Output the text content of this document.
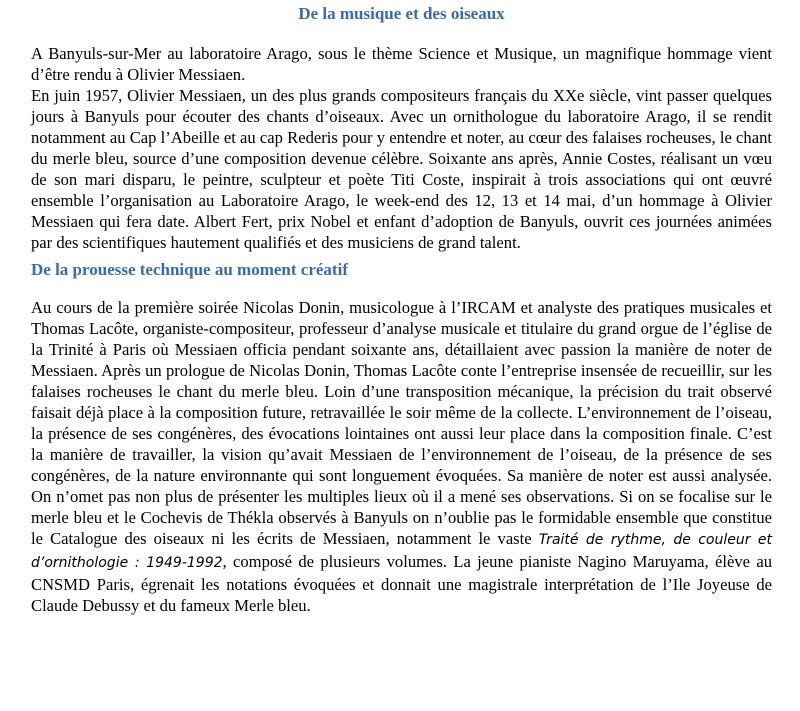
De la musique et des oiseaux

A Banyuls-sur-Mer au laboratoire Arago, sous le thème Science et Musique, un magnifique hommage vient d’être rendu à Olivier Messiaen.

En juin 1957, Olivier Messiaen, un des plus grands compositeurs français du XXe siècle, vint passer quelques jours à Banyuls pour écouter des chants d’oiseaux. Avec un ornithologue du laboratoire Arago, il se rendit notamment au Cap l’Abeille et au cap Rederis pour y entendre et noter, au cœur des falaises rocheuses, le chant du merle bleu, source d’une composition devenue célèbre. Soixante ans après, Annie Costes, réalisant un vœu de son mari disparu, le peintre, sculpteur et poète Titi Coste, inspirait à trois associations qui ont œuvré ensemble l’organisation au Laboratoire Arago, le week-end des 12, 13 et 14 mai, d’un hommage à Olivier Messiaen qui fera date. Albert Fert, prix Nobel et enfant d’adoption de Banyuls, ouvrit ces journées animées par des scientifiques hautement qualifiés et des musiciens de grand talent.

De la prouesse technique au moment créatif

Au cours de la première soirée Nicolas Donin, musicologue à l’IRCAM et analyste des pratiques musicales et Thomas Lacôte, organiste-compositeur, professeur d’analyse musicale et titulaire du grand orgue de l’église de la Trinité à Paris où Messiaen officia pendant soixante ans, détaillaient avec passion la manière de noter de Messiaen. Après un prologue de Nicolas Donin, Thomas Lacôte conte l’entreprise insensée de recueillir, sur les falaises rocheuses le chant du merle bleu. Loin d’une transposition mécanique, la précision du trait observé faisait déjà place à la composition future, retravaillée le soir même de la collecte. L’environnement de l’oiseau, la présence de ses congénères, des évocations lointaines ont aussi leur place dans la composition finale. C’est la manière de travailler, la vision qu’avait Messiaen de l’environnement de l’oiseau, de la présence de ses congénères, de la nature environnante qui sont longuement évoquées. Sa manière de noter est aussi analysée. On n’omet pas non plus de présenter les multiples lieux où il a mené ses observations. Si on se focalise sur le merle bleu et le Cochevis de Thékla observés à Banyuls on n’oublie pas le formidable ensemble que constitue le Catalogue des oiseaux ni les écrits de Messiaen, notamment le vaste Traité de rythme, de couleur et d’ornithologie : 1949-1992, composé de plusieurs volumes. La jeune pianiste Nagino Maruyama, élève au CNSMD Paris, égrenait les notations évoquées et donnait une magistrale interprétation de l’Ile Joyeuse de Claude Debussy et du fameux Merle bleu.
